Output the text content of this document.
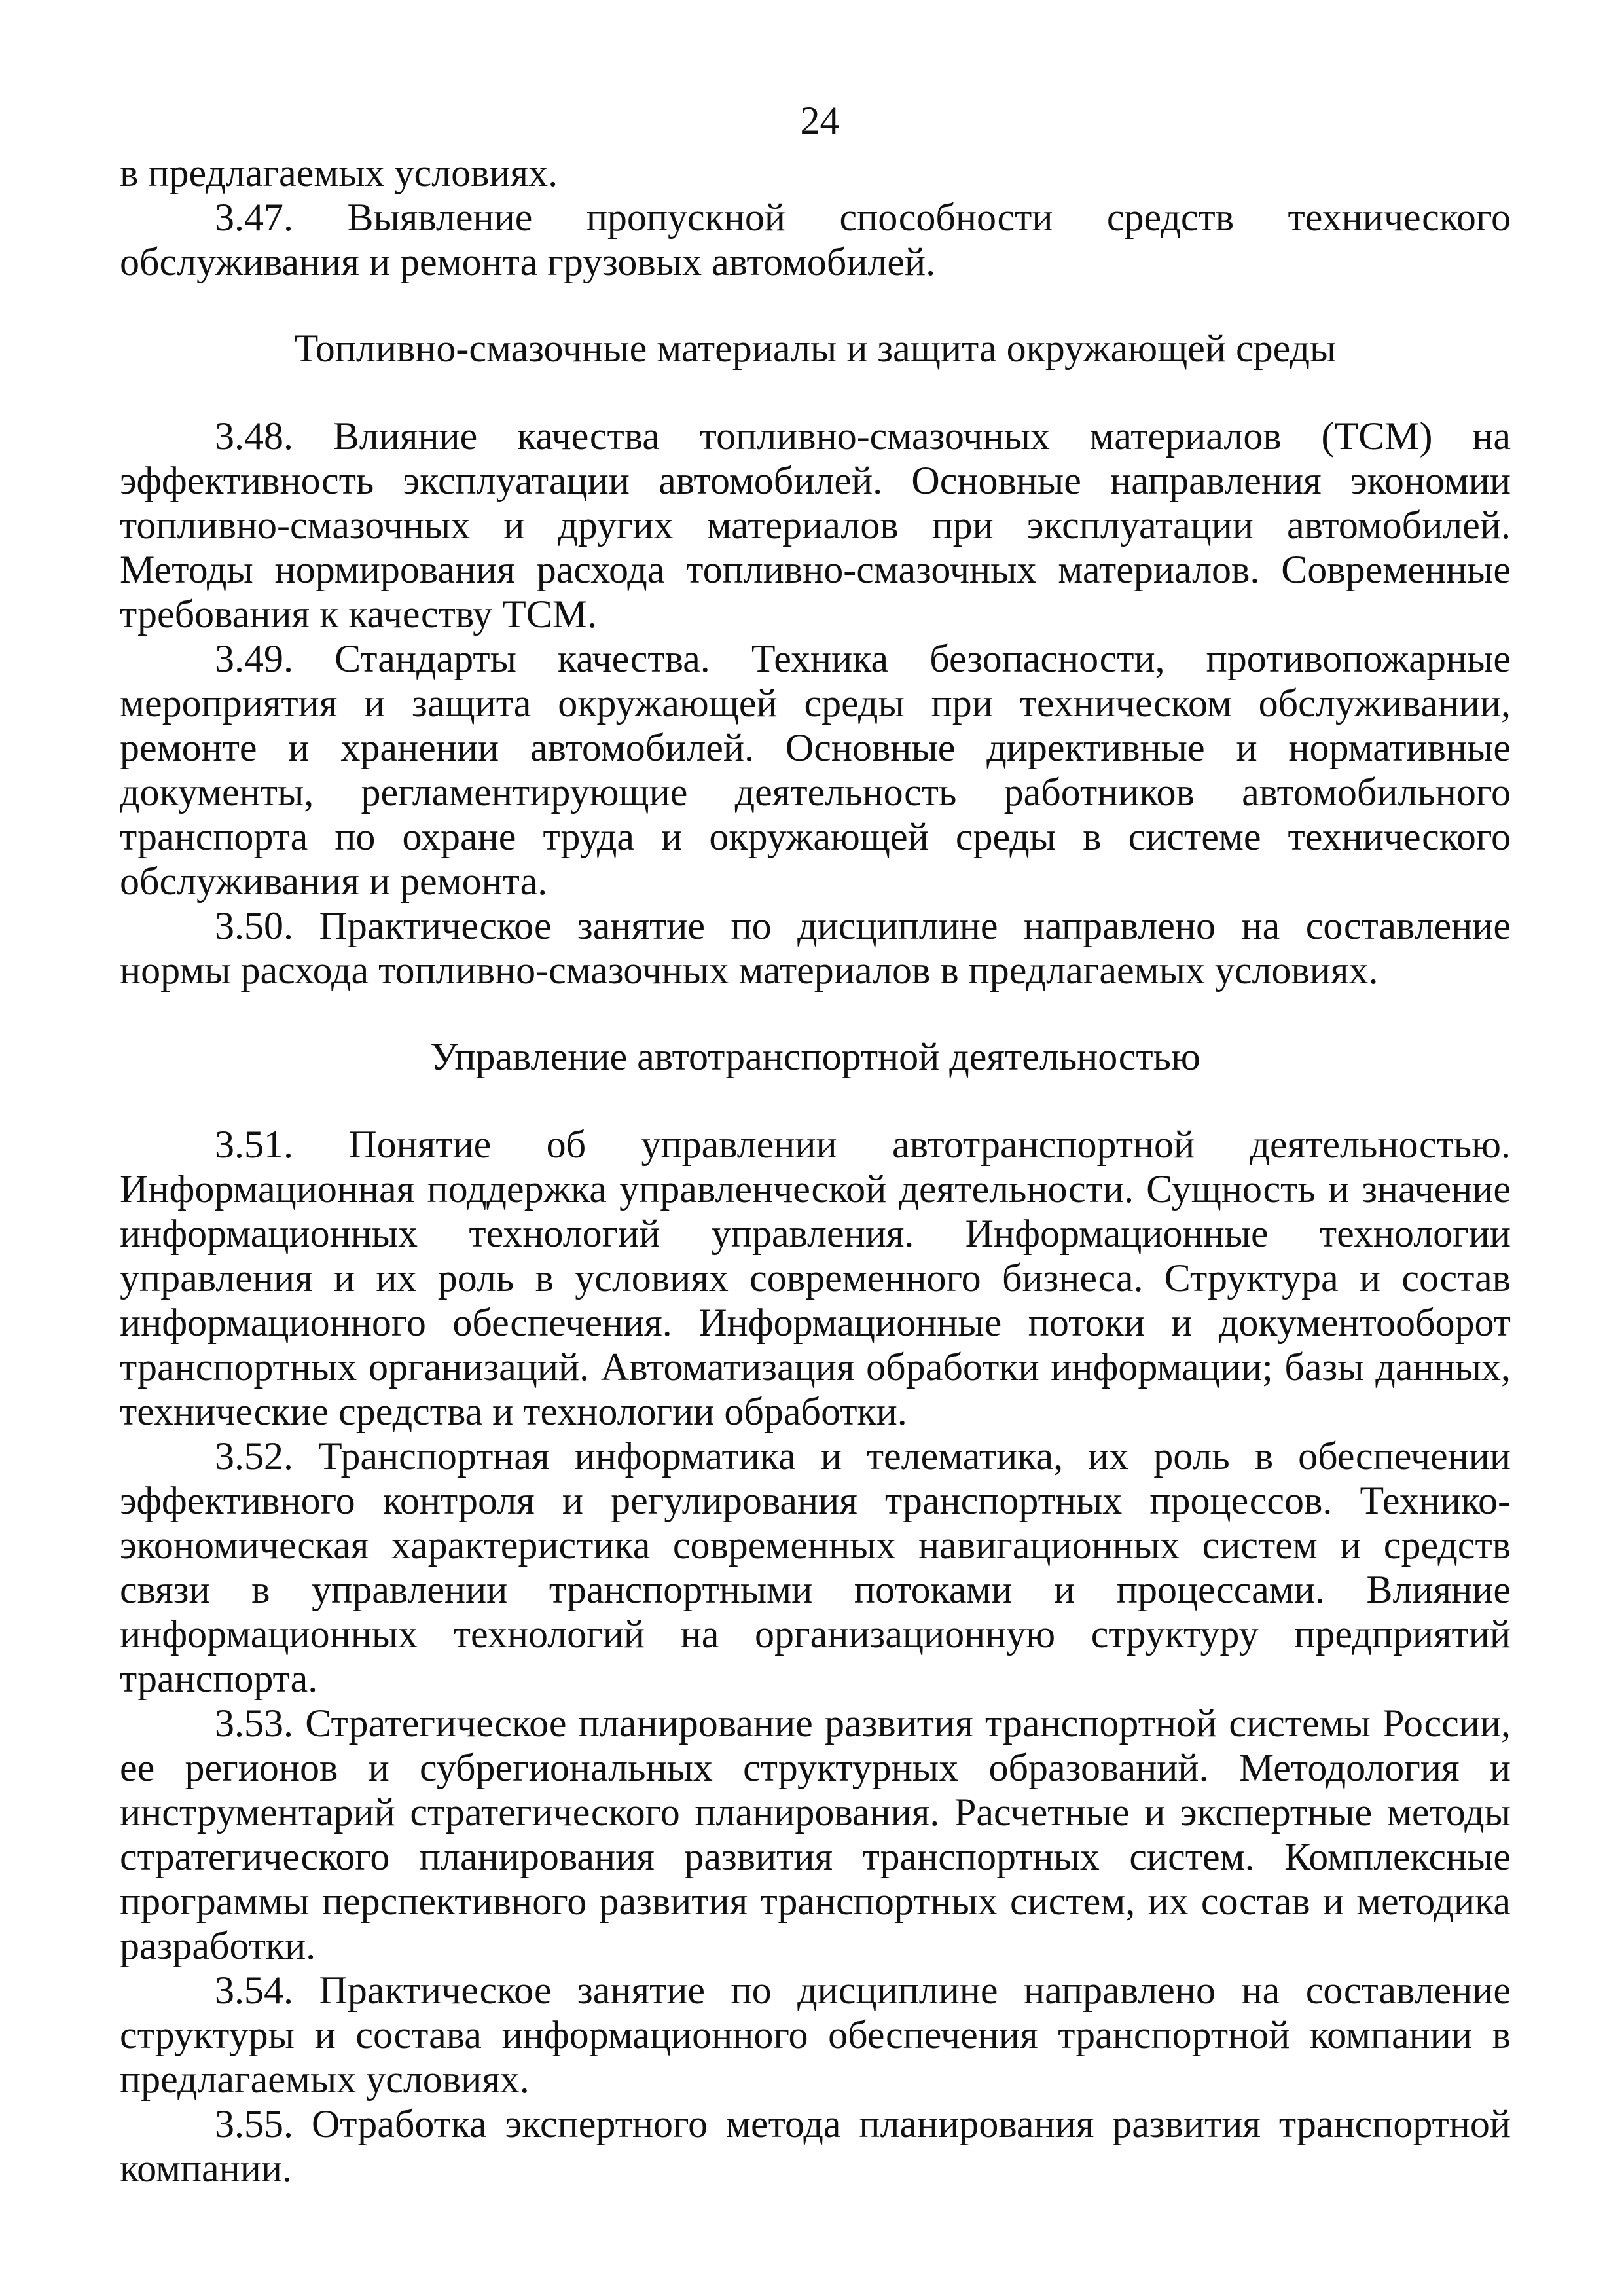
24

в предлагаемых условиях.

3.47. Выявление пропускной способности средств технического обслуживания и ремонта грузовых автомобилей.

Топливно-смазочные материалы и защита окружающей среды

3.48. Влияние качества топливно-смазочных материалов (ТСМ) на эффективность эксплуатации автомобилей. Основные направления экономии топливно-смазочных и других материалов при эксплуатации автомобилей. Методы нормирования расхода топливно-смазочных материалов. Современные требования к качеству ТСМ.

3.49. Стандарты качества. Техника безопасности, противопожарные мероприятия и защита окружающей среды при техническом обслуживании, ремонте и хранении автомобилей. Основные директивные и нормативные документы, регламентирующие деятельность работников автомобильного транспорта по охране труда и окружающей среды в системе технического обслуживания и ремонта.

3.50. Практическое занятие по дисциплине направлено на составление нормы расхода топливно-смазочных материалов в предлагаемых условиях.

Управление автотранспортной деятельностью

3.51. Понятие об управлении автотранспортной деятельностью. Информационная поддержка управленческой деятельности. Сущность и значение информационных технологий управления. Информационные технологии управления и их роль в условиях современного бизнеса. Структура и состав информационного обеспечения. Информационные потоки и документооборот транспортных организаций. Автоматизация обработки информации; базы данных, технические средства и технологии обработки.

3.52. Транспортная информатика и телематика, их роль в обеспечении эффективного контроля и регулирования транспортных процессов. Технико-экономическая характеристика современных навигационных систем и средств связи в управлении транспортными потоками и процессами. Влияние информационных технологий на организационную структуру предприятий транспорта.

3.53. Стратегическое планирование развития транспортной системы России, ее регионов и субрегиональных структурных образований. Методология и инструментарий стратегического планирования. Расчетные и экспертные методы стратегического планирования развития транспортных систем. Комплексные программы перспективного развития транспортных систем, их состав и методика разработки.

3.54. Практическое занятие по дисциплине направлено на составление структуры и состава информационного обеспечения транспортной компании в предлагаемых условиях.

3.55. Отработка экспертного метода планирования развития транспортной компании.
